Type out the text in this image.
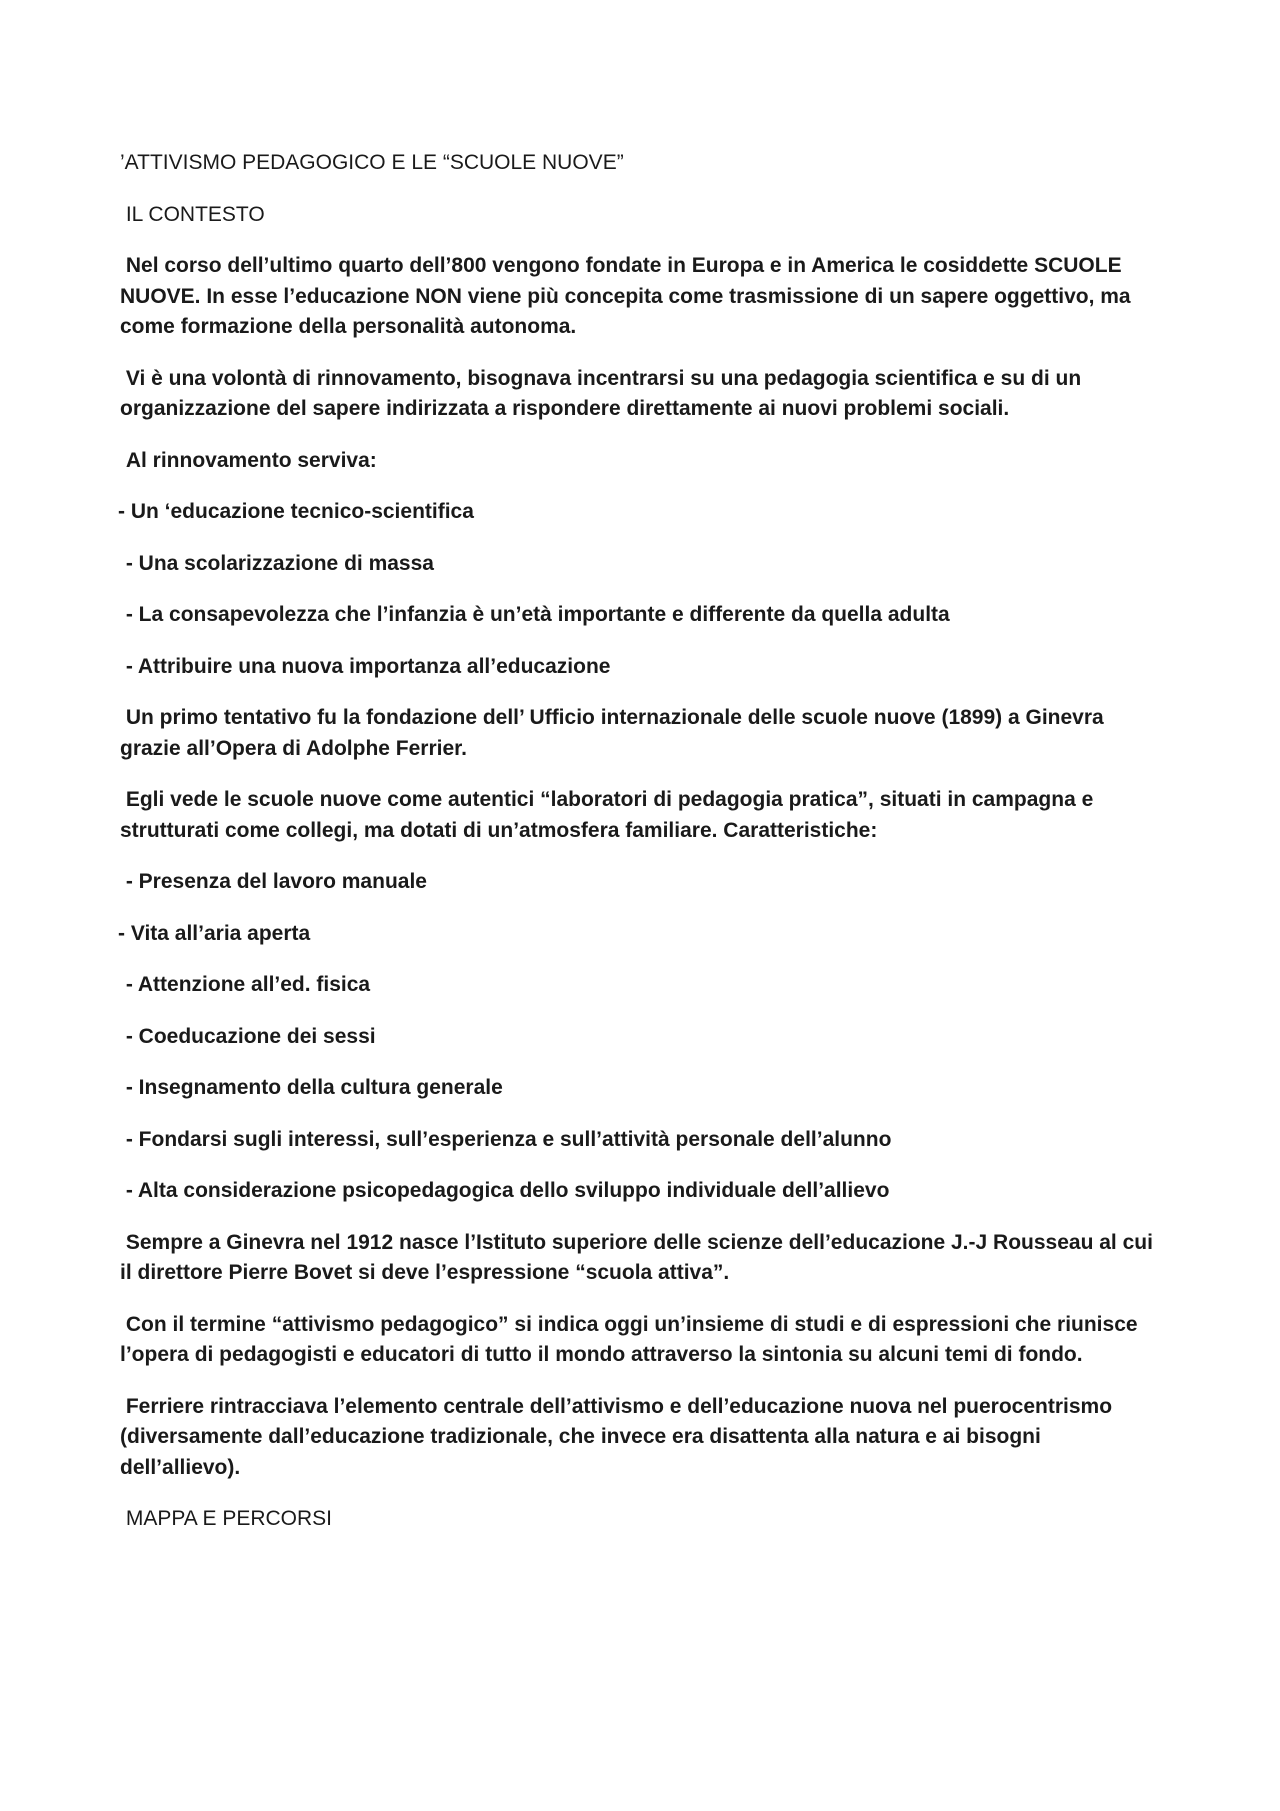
’ATTIVISMO PEDAGOGICO E LE “SCUOLE NUOVE”

IL CONTESTO

Nel corso dell’ultimo quarto dell’800 vengono fondate in Europa e in America le cosiddette SCUOLE NUOVE. In esse l’educazione NON viene più concepita come trasmissione di un sapere oggettivo, ma come formazione della personalità autonoma.

Vi è una volontà di rinnovamento, bisognava incentrarsi su una pedagogia scientifica e su di un organizzazione del sapere indirizzata a rispondere direttamente ai nuovi problemi sociali.

Al rinnovamento serviva:

- Un ‘educazione tecnico-scientifica

- Una scolarizzazione di massa

- La consapevolezza che l’infanzia è un’età importante e differente da quella adulta

- Attribuire una nuova importanza all’educazione

Un primo tentativo fu la fondazione dell’ Ufficio internazionale delle scuole nuove (1899) a Ginevra grazie all’Opera di Adolphe Ferrier.

Egli vede le scuole nuove come autentici “laboratori di pedagogia pratica”, situati in campagna e strutturati come collegi, ma dotati di un’atmosfera familiare. Caratteristiche:

- Presenza del lavoro manuale

- Vita all’aria aperta

- Attenzione all’ed. fisica

- Coeducazione dei sessi

- Insegnamento della cultura generale

- Fondarsi sugli interessi, sull’esperienza e sull’attività personale dell’alunno

- Alta considerazione psicopedagogica dello sviluppo individuale dell’allievo

Sempre a Ginevra nel 1912 nasce l’Istituto superiore delle scienze dell’educazione J.-J Rousseau al cui il direttore Pierre Bovet si deve l’espressione “scuola attiva”.

Con il termine “attivismo pedagogico” si indica oggi un’insieme di studi e di espressioni che riunisce l’opera di pedagogisti e educatori di tutto il mondo attraverso la sintonia su alcuni temi di fondo.

Ferriere rintracciava l’elemento centrale dell’attivismo e dell’educazione nuova nel puerocentrismo (diversamente dall’educazione tradizionale, che invece era disattenta alla natura e ai bisogni dell’allievo).

MAPPA E PERCORSI
